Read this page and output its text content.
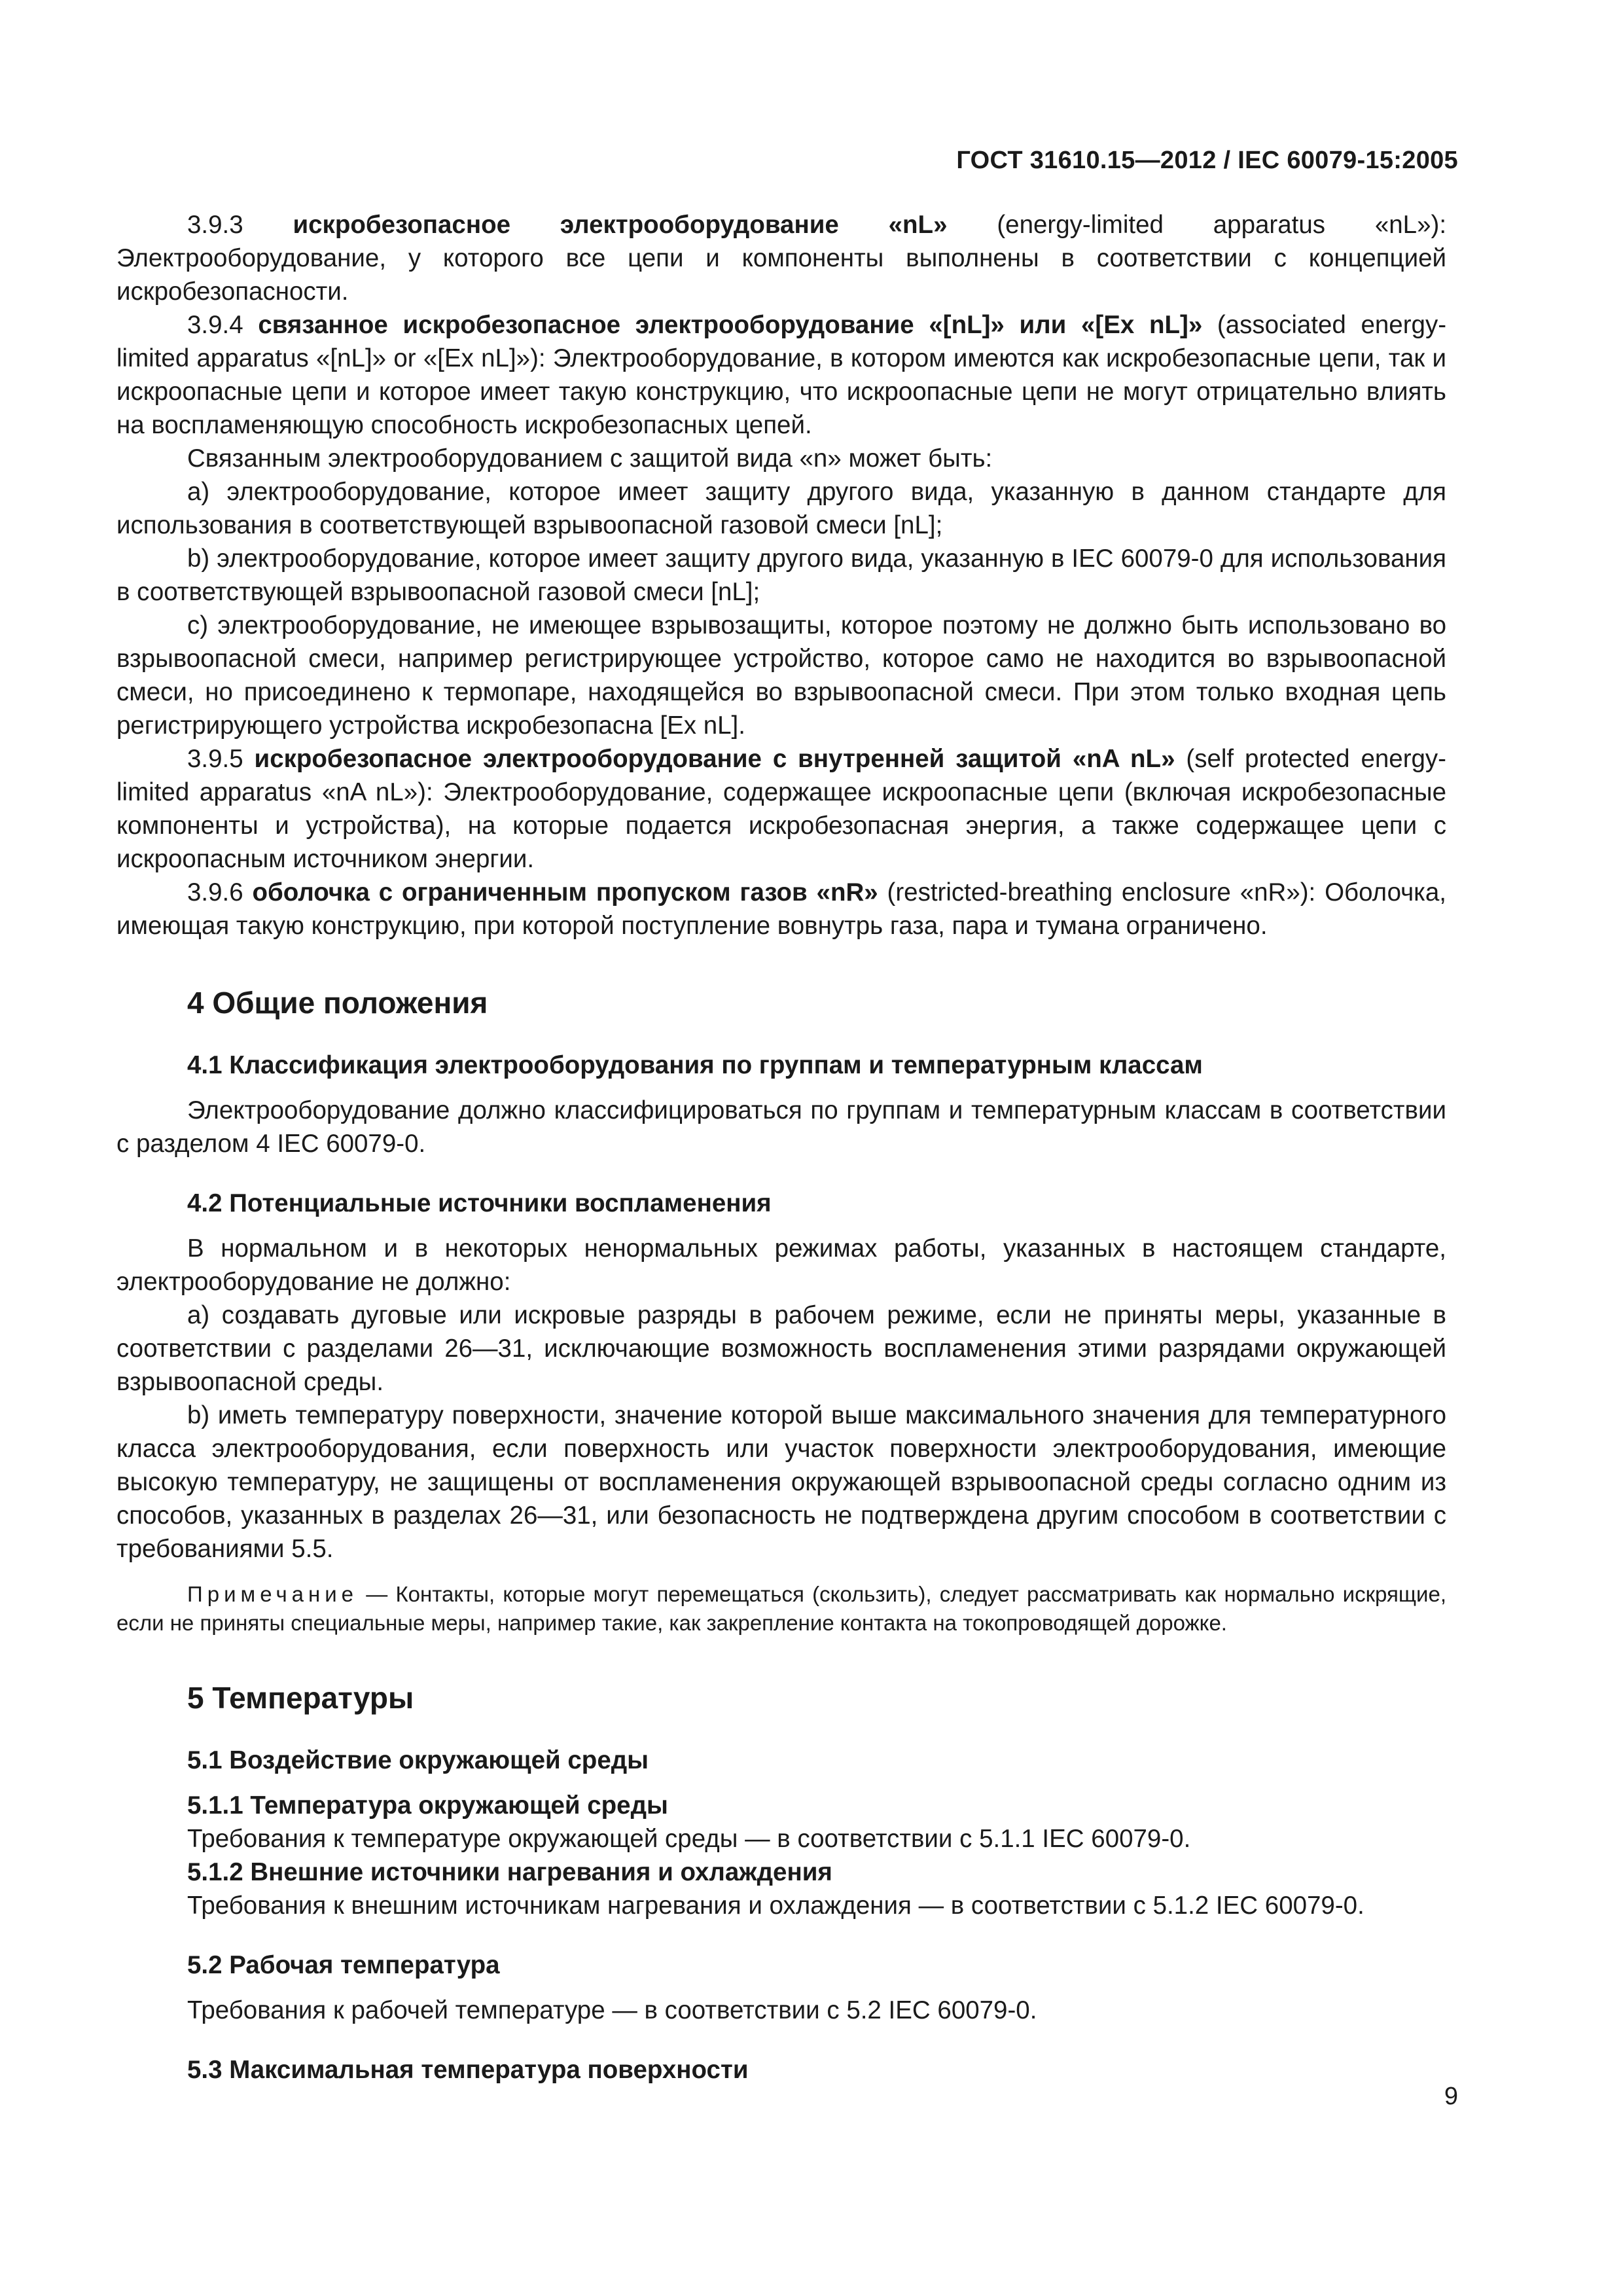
ГОСТ 31610.15—2012 / IEC 60079-15:2005

3.9.3 искробезопасное электрооборудование «nL» (energy-limited apparatus «nL»): Электрооборудование, у которого все цепи и компоненты выполнены в соответствии с концепцией искробезопасности.

3.9.4 связанное искробезопасное электрооборудование «[nL]» или «[Ex nL]» (associated energy-limited apparatus «[nL]» or «[Ex nL]»): Электрооборудование, в котором имеются как искробезопасные цепи, так и искроопасные цепи и которое имеет такую конструкцию, что искроопасные цепи не могут отрицательно влиять на воспламеняющую способность искробезопасных цепей.

Связанным электрооборудованием с защитой вида «n» может быть:

а) электрооборудование, которое имеет защиту другого вида, указанную в данном стандарте для использования в соответствующей взрывоопасной газовой смеси [nL];

b) электрооборудование, которое имеет защиту другого вида, указанную в IEC 60079-0 для использования в соответствующей взрывоопасной газовой смеси [nL];

c) электрооборудование, не имеющее взрывозащиты, которое поэтому не должно быть использовано во взрывоопасной смеси, например регистрирующее устройство, которое само не находится во взрывоопасной смеси, но присоединено к термопаре, находящейся во взрывоопасной смеси. При этом только входная цепь регистрирующего устройства искробезопасна [Ex nL].

3.9.5 искробезопасное электрооборудование с внутренней защитой «nA nL» (self protected energy-limited apparatus «nA nL»): Электрооборудование, содержащее искроопасные цепи (включая искробезопасные компоненты и устройства), на которые подается искробезопасная энергия, а также содержащее цепи с искроопасным источником энергии.

3.9.6 оболочка с ограниченным пропуском газов «nR» (restricted-breathing enclosure «nR»): Оболочка, имеющая такую конструкцию, при которой поступление вовнутрь газа, пара и тумана ограничено.

4 Общие положения
4.1 Классификация электрооборудования по группам и температурным классам

Электрооборудование должно классифицироваться по группам и температурным классам в соответствии с разделом 4 IEC 60079-0.

4.2 Потенциальные источники воспламенения

В нормальном и в некоторых ненормальных режимах работы, указанных в настоящем стандарте, электрооборудование не должно:

а) создавать дуговые или искровые разряды в рабочем режиме, если не приняты меры, указанные в соответствии с разделами 26—31, исключающие возможность воспламенения этими разрядами окружающей взрывоопасной среды.

b) иметь температуру поверхности, значение которой выше максимального значения для температурного класса электрооборудования, если поверхность или участок поверхности электрооборудования, имеющие высокую температуру, не защищены от воспламенения окружающей взрывоопасной среды согласно одним из способов, указанных в разделах 26—31, или безопасность не подтверждена другим способом в соответствии с требованиями 5.5.

Примечание — Контакты, которые могут перемещаться (скользить), следует рассматривать как нормально искрящие, если не приняты специальные меры, например такие, как закрепление контакта на токопроводящей дорожке.

5 Температуры
5.1 Воздействие окружающей среды
5.1.1 Температура окружающей среды

Требования к температуре окружающей среды — в соответствии с 5.1.1 IEC 60079-0.

5.1.2 Внешние источники нагревания и охлаждения

Требования к внешним источникам нагревания и охлаждения — в соответствии с 5.1.2 IEC 60079-0.

5.2 Рабочая температура

Требования к рабочей температуре — в соответствии с 5.2 IEC 60079-0.

5.3 Максимальная температура поверхности
9
